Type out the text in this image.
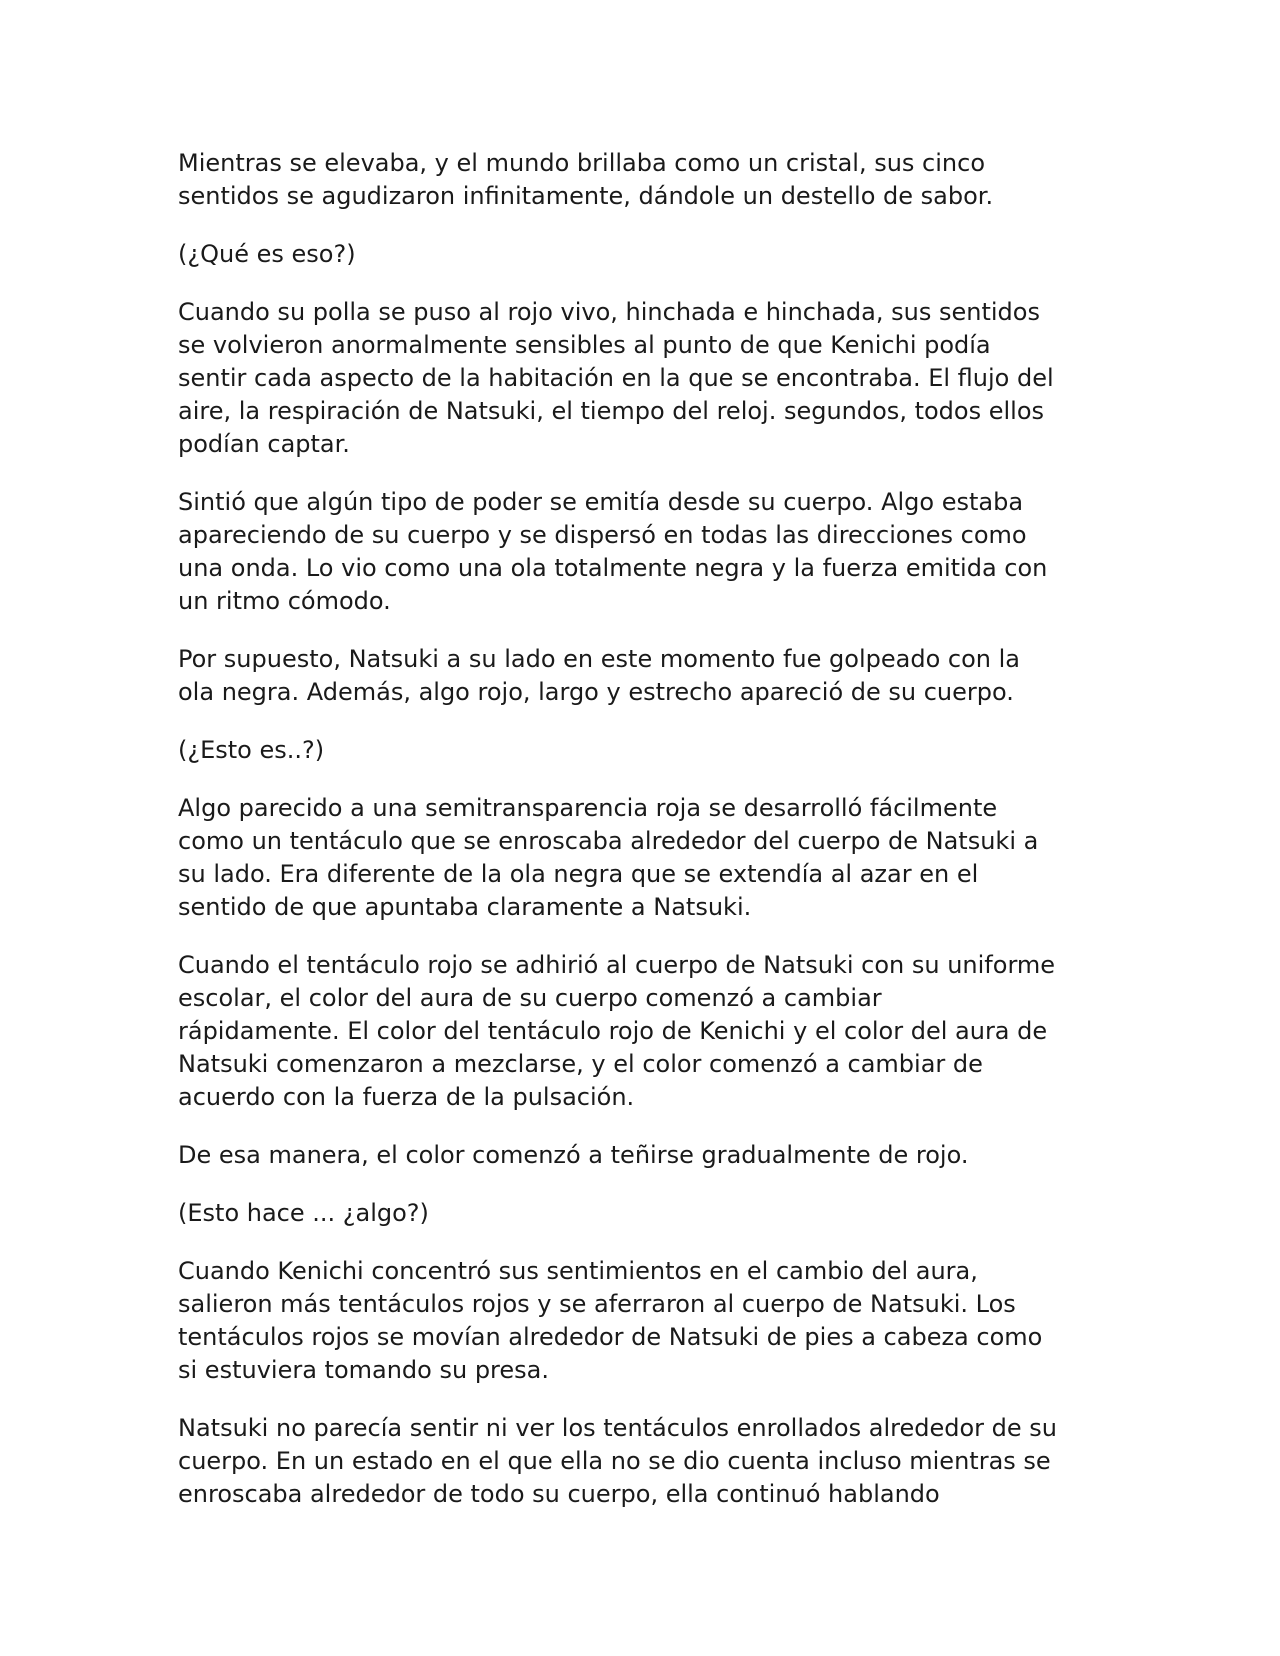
Mientras se elevaba, y el mundo brillaba como un cristal, sus cinco
sentidos se agudizaron infinitamente, dándole un destello de sabor.

(¿Qué es eso?)

Cuando su polla se puso al rojo vivo, hinchada e hinchada, sus sentidos
se volvieron anormalmente sensibles al punto de que Kenichi podía
sentir cada aspecto de la habitación en la que se encontraba. El flujo del
aire, la respiración de Natsuki, el tiempo del reloj. segundos, todos ellos
podían captar.

Sintió que algún tipo de poder se emitía desde su cuerpo. Algo estaba
apareciendo de su cuerpo y se dispersó en todas las direcciones como
una onda. Lo vio como una ola totalmente negra y la fuerza emitida con
un ritmo cómodo.

Por supuesto, Natsuki a su lado en este momento fue golpeado con la
ola negra. Además, algo rojo, largo y estrecho apareció de su cuerpo.

(¿Esto es..?)

Algo parecido a una semitransparencia roja se desarrolló fácilmente
como un tentáculo que se enroscaba alrededor del cuerpo de Natsuki a
su lado. Era diferente de la ola negra que se extendía al azar en el
sentido de que apuntaba claramente a Natsuki.

Cuando el tentáculo rojo se adhirió al cuerpo de Natsuki con su uniforme
escolar, el color del aura de su cuerpo comenzó a cambiar
rápidamente. El color del tentáculo rojo de Kenichi y el color del aura de
Natsuki comenzaron a mezclarse, y el color comenzó a cambiar de
acuerdo con la fuerza de la pulsación.

De esa manera, el color comenzó a teñirse gradualmente de rojo.

(Esto hace ... ¿algo?)

Cuando Kenichi concentró sus sentimientos en el cambio del aura,
salieron más tentáculos rojos y se aferraron al cuerpo de Natsuki. Los
tentáculos rojos se movían alrededor de Natsuki de pies a cabeza como
si estuviera tomando su presa.

Natsuki no parecía sentir ni ver los tentáculos enrollados alrededor de su
cuerpo. En un estado en el que ella no se dio cuenta incluso mientras se
enroscaba alrededor de todo su cuerpo, ella continuó hablando
